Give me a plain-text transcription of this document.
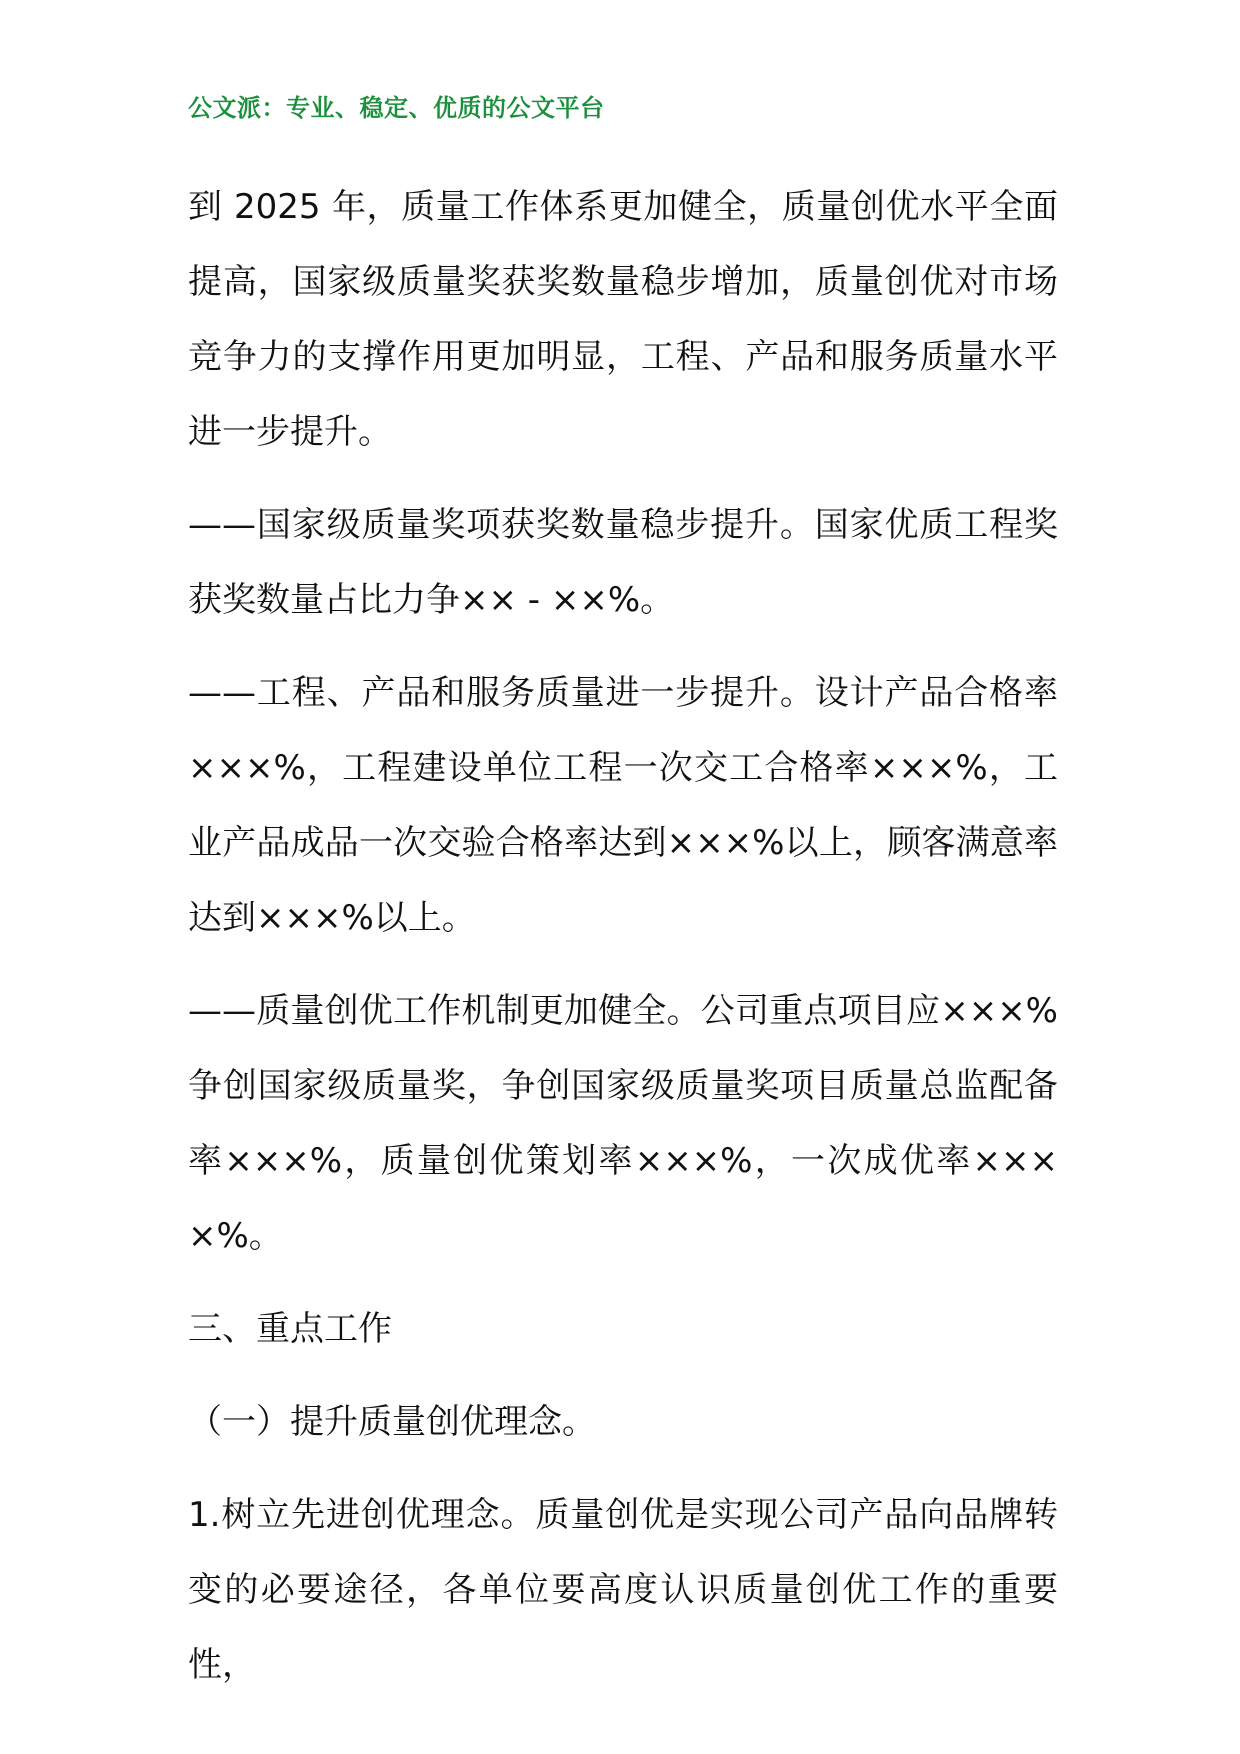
公文派：专业、稳定、优质的公文平台

到 2025 年，质量工作体系更加健全，质量创优水平全面提高，国家级质量奖获奖数量稳步增加，质量创优对市场竞争力的支撑作用更加明显，工程、产品和服务质量水平进一步提升。

——国家级质量奖项获奖数量稳步提升。国家优质工程奖获奖数量占比力争×× - ××%。

——工程、产品和服务质量进一步提升。设计产品合格率×××%，工程建设单位工程一次交工合格率×××%，工业产品成品一次交验合格率达到×××%以上，顾客满意率达到×××%以上。

——质量创优工作机制更加健全。公司重点项目应×××%争创国家级质量奖，争创国家级质量奖项目质量总监配备率×××%，质量创优策划率×××%，一次成优率××××%。

三、重点工作

（一）提升质量创优理念。

1.树立先进创优理念。质量创优是实现公司产品向品牌转变的必要途径，各单位要高度认识质量创优工作的重要性，
